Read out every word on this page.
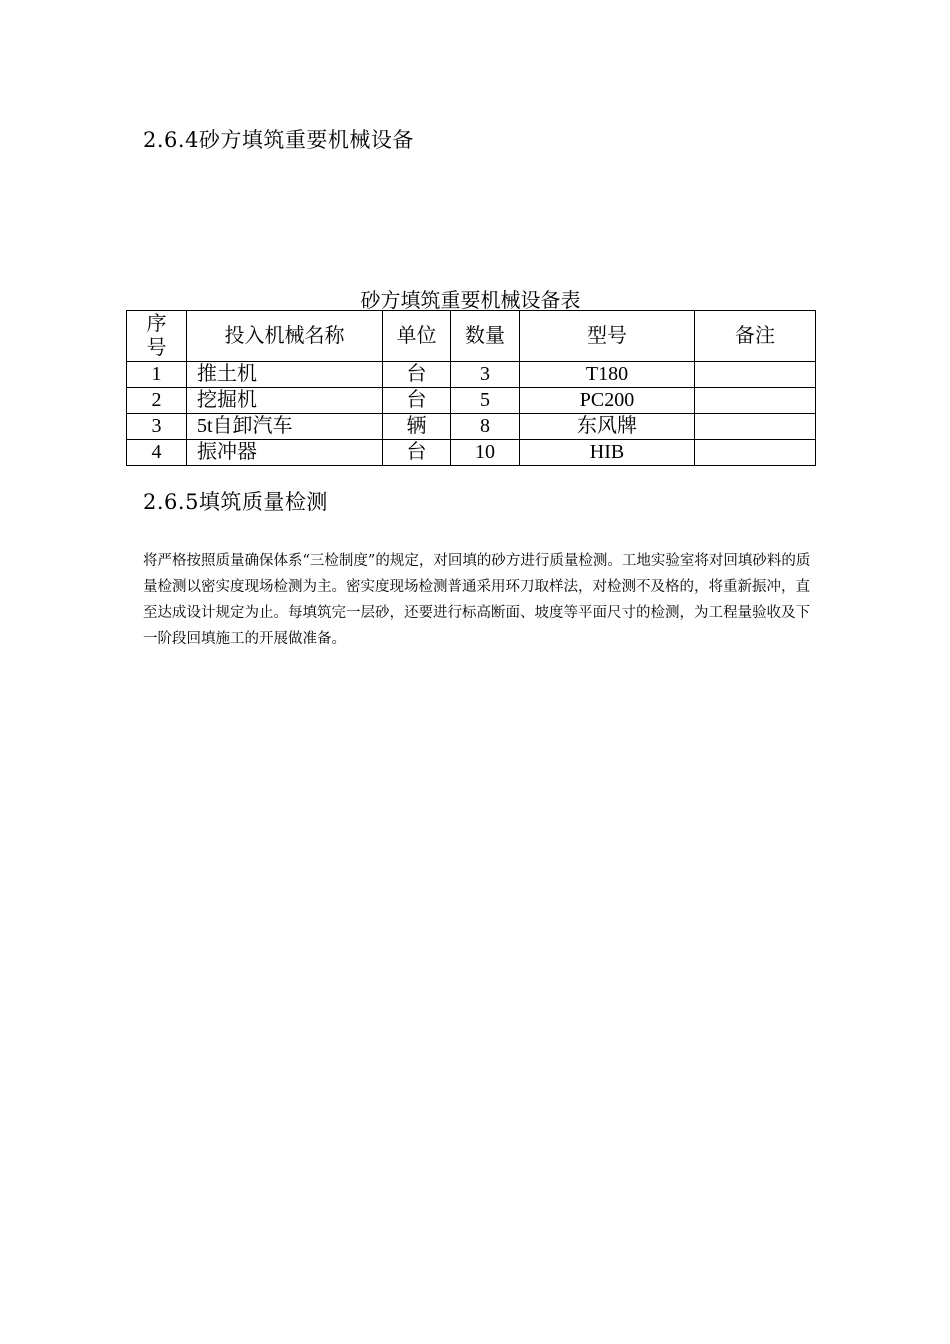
2.6.4砂方填筑重要机械设备
砂方填筑重要机械设备表
序号	投入机械名称	单位	数量	型号	备注
1	推土机	台	3	T180	
2	挖掘机	台	5	PC200	
3	5t自卸汽车	辆	8	东风牌	
4	振冲器	台	10	HIB	
2.6.5填筑质量检测

将严格按照质量确保体系“三检制度”的规定，对回填的砂方进行质量检测。工地实验室将对回填砂料的质量检测以密实度现场检测为主。密实度现场检测普通采用环刀取样法，对检测不及格的，将重新振冲，直至达成设计规定为止。每填筑完一层砂，还要进行标高断面、坡度等平面尺寸的检测，为工程量验收及下一阶段回填施工的开展做准备。
